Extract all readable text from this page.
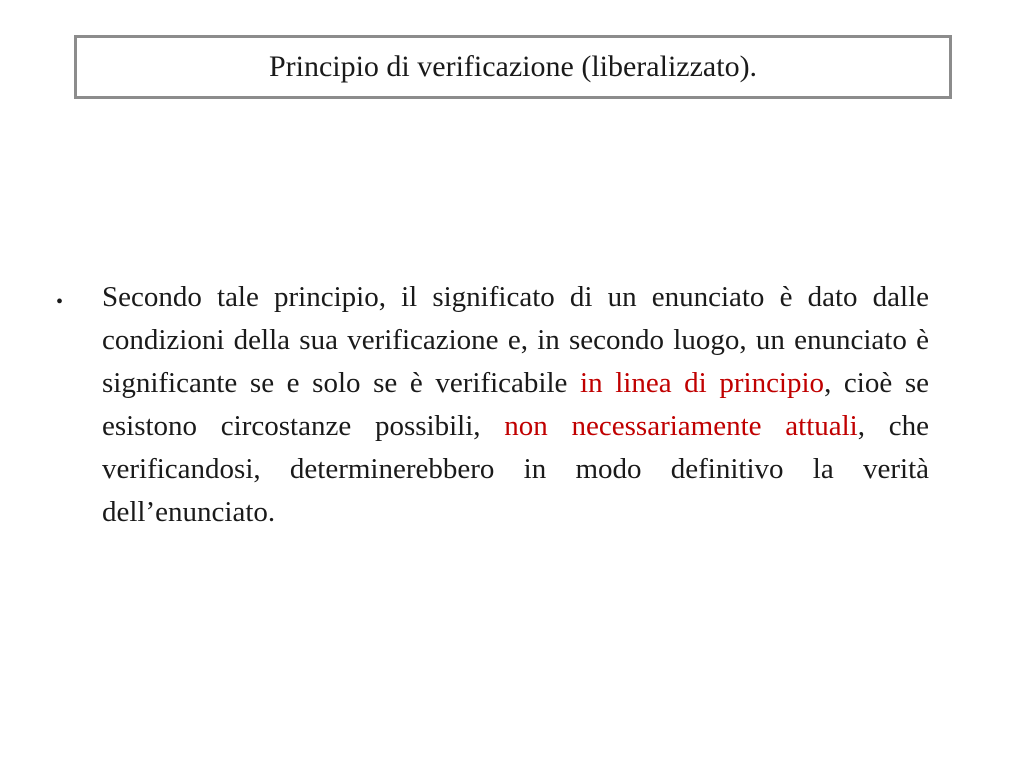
Principio di verificazione (liberalizzato).
• Secondo tale principio, il significato di un enunciato è dato dalle condizioni della sua verificazione e, in secondo luogo, un enunciato è significante se e solo se è verificabile in linea di principio, cioè se esistono circostanze possibili, non necessariamente attuali, che verificandosi, determinerebbero in modo definitivo la verità dell’enunciato.
